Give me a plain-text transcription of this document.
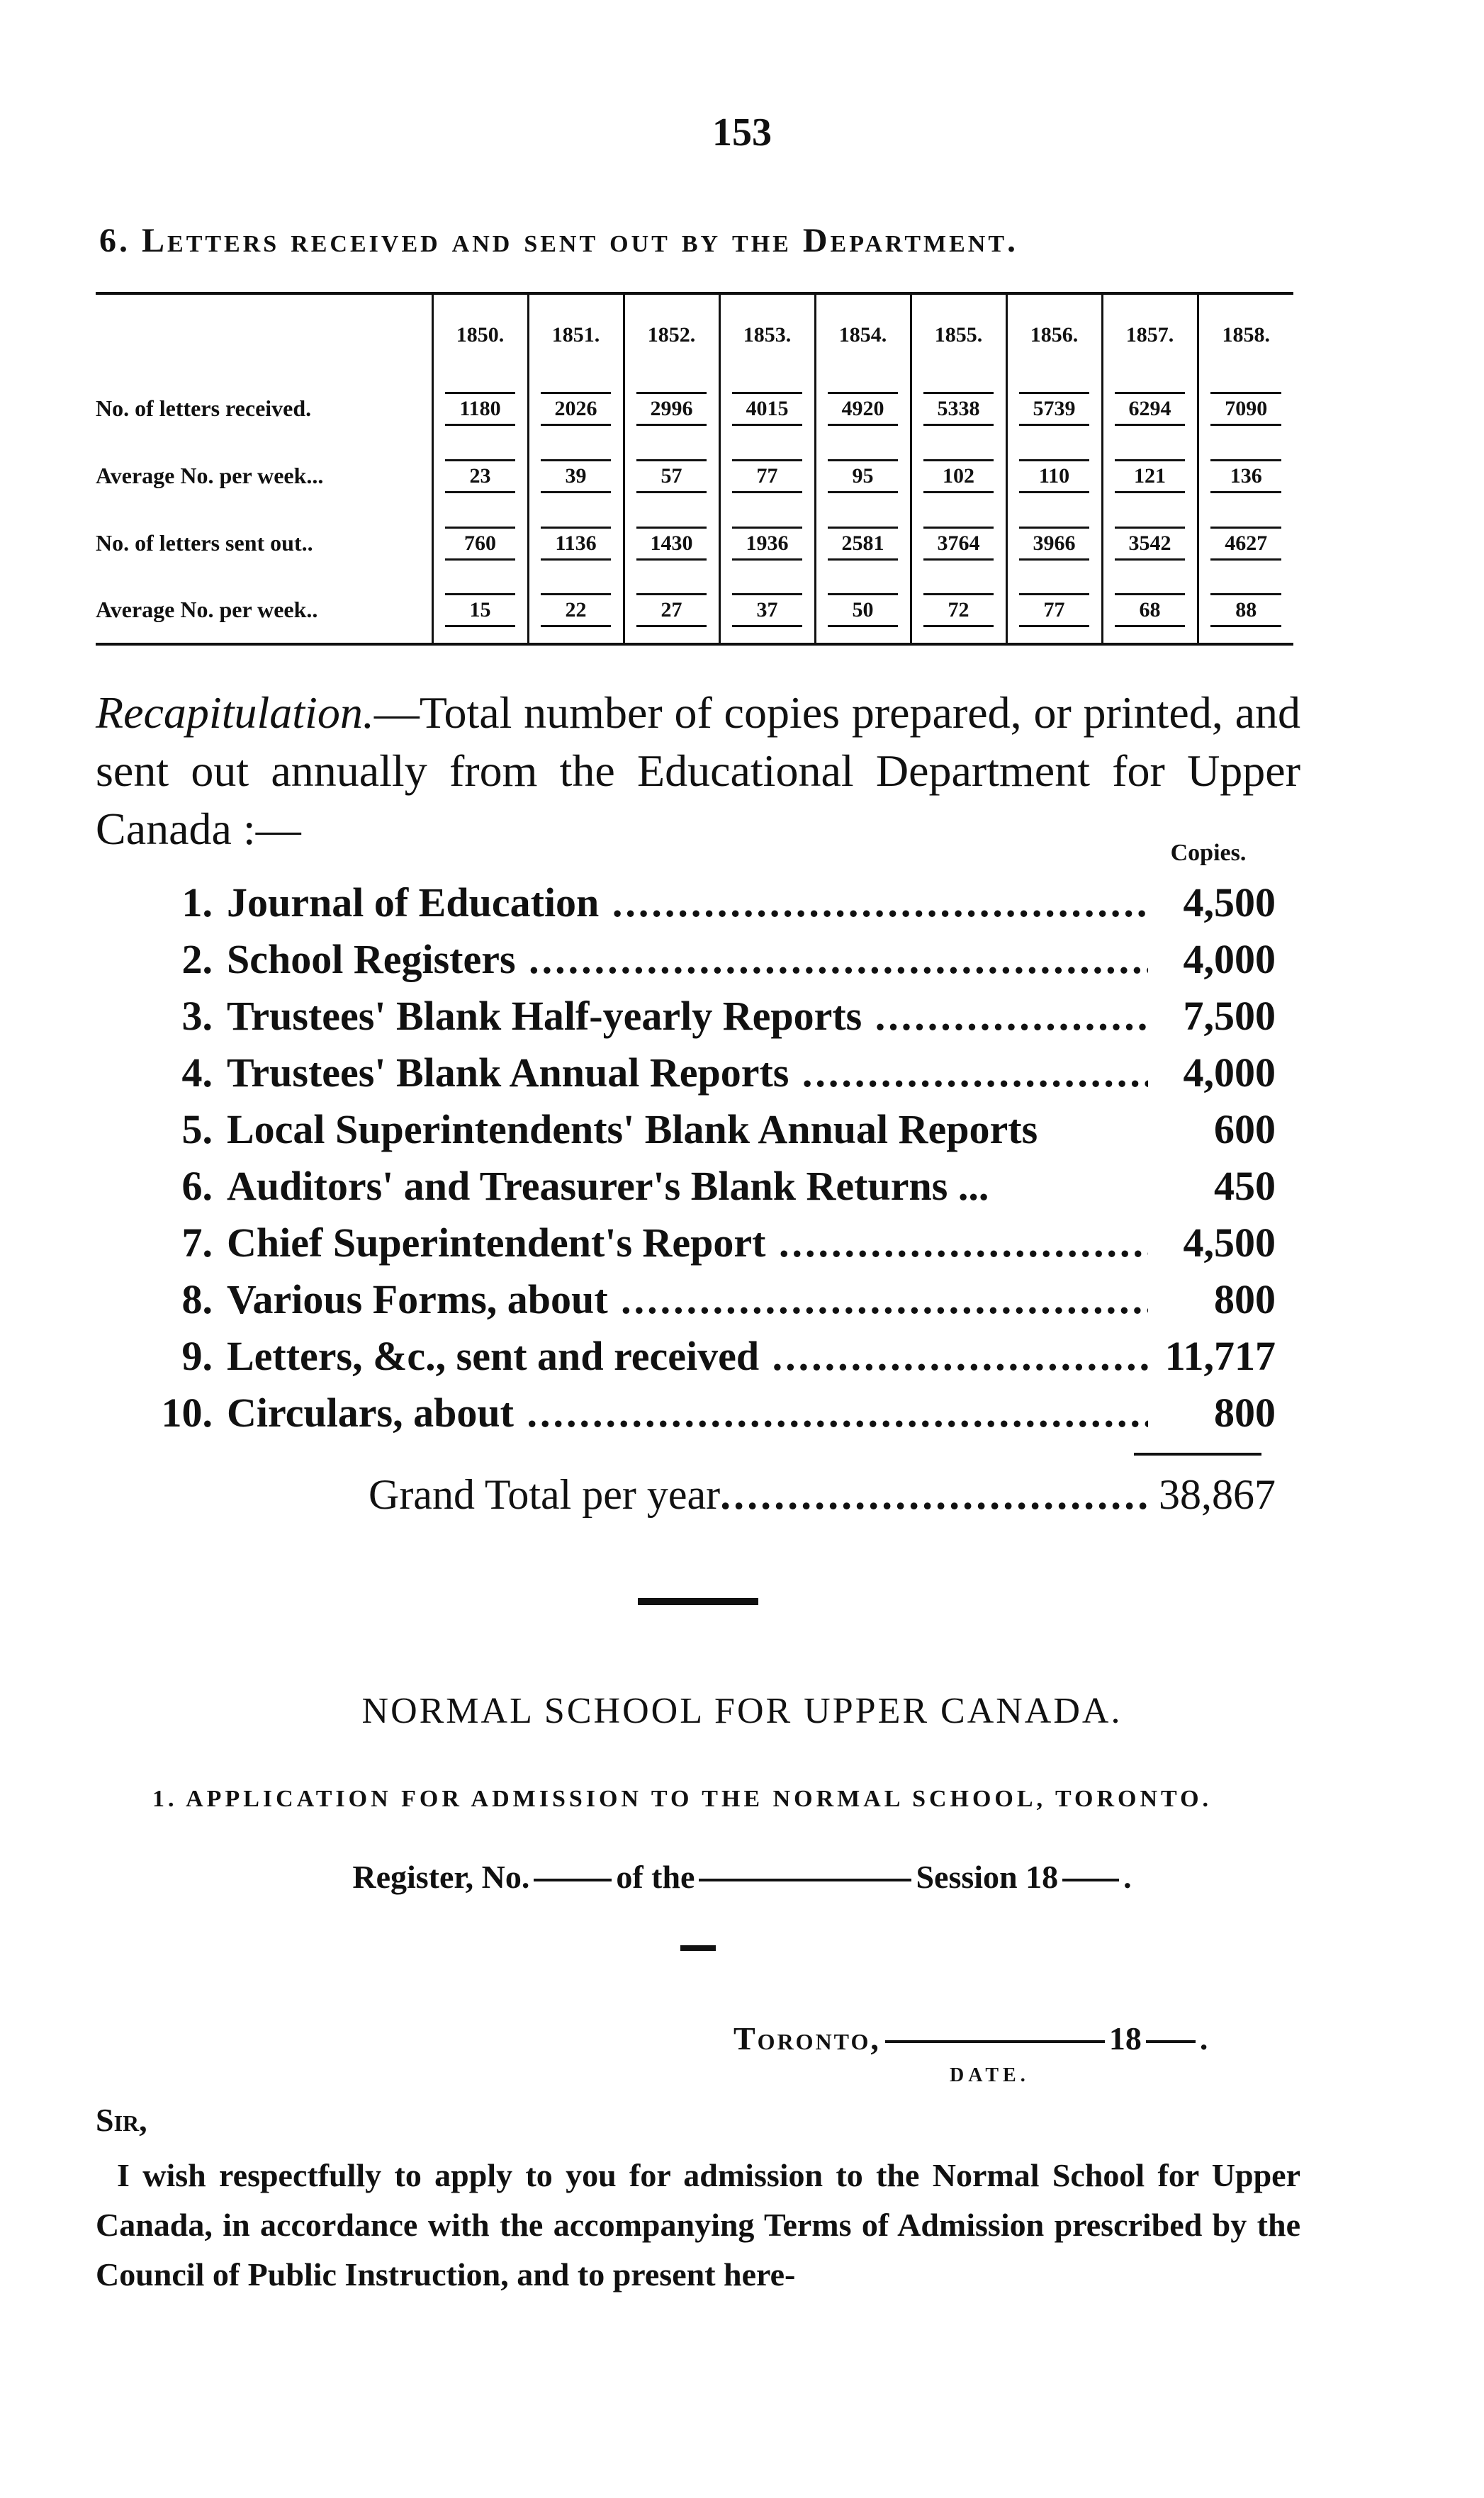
153
6. Letters received and sent out by the Department.
	1850.	1851.	1852.	1853.	1854.	1855.	1856.	1857.	1858.
No. of letters received.	1180	2026	2996	4015	4920	5338	5739	6294	7090
Average No. per week...	23	39	57	77	95	102	110	121	136
No. of letters sent out..	760	1136	1430	1936	2581	3764	3966	3542	4627
Average No. per week..	15	22	27	37	50	72	77	68	88
Recapitulation.—Total number of copies prepared, or printed, and sent out annually from the Educational Department for Upper Canada :—	Copies.
1. Journal of Education .....	4,500
2. School Registers .....	4,000
3. Trustees' Blank Half-yearly Reports .....	7,500
4. Trustees' Blank Annual Reports .....	4,000
5. Local Superintendents' Blank Annual Reports	600
6. Auditors' and Treasurer's Blank Returns ...	450
7. Chief Superintendent's Report .....	4,500
8. Various Forms, about .....	800
9. Letters, &c., sent and received .....	11,717
10. Circulars, about .....	800
Grand Total per year .....	38,867
NORMAL SCHOOL FOR UPPER CANADA.
1. APPLICATION FOR ADMISSION TO THE NORMAL SCHOOL, TORONTO.
Register, No.	of the	Session 18 .
Toronto,	18 .
DATE.
Sir,
I wish respectfully to apply to you for admission to the Normal School for Upper Canada, in accordance with the accompanying Terms of Admission prescribed by the Council of Public Instruction, and to present here-
